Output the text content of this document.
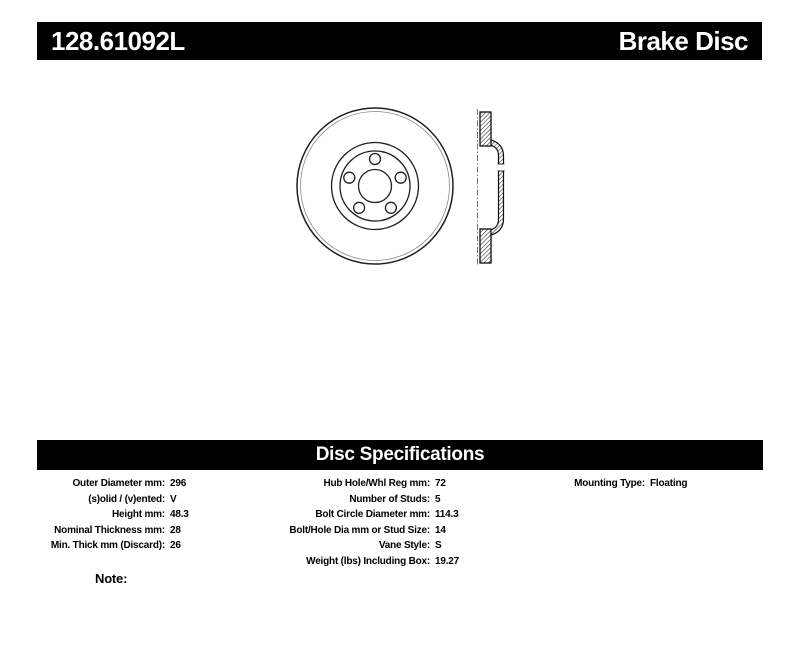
128.61092L	Brake Disc
Disc Specifications
Outer Diameter mm: 296
(s)olid / (v)ented: V
Height mm: 48.3
Nominal Thickness mm: 28
Min. Thick mm (Discard): 26
Hub Hole/Whl Reg mm: 72
Number of Studs: 5
Bolt Circle Diameter mm: 114.3
Bolt/Hole Dia mm or Stud Size: 14
Vane Style: S
Weight (lbs) Including Box: 19.27
Mounting Type: Floating
Note:
